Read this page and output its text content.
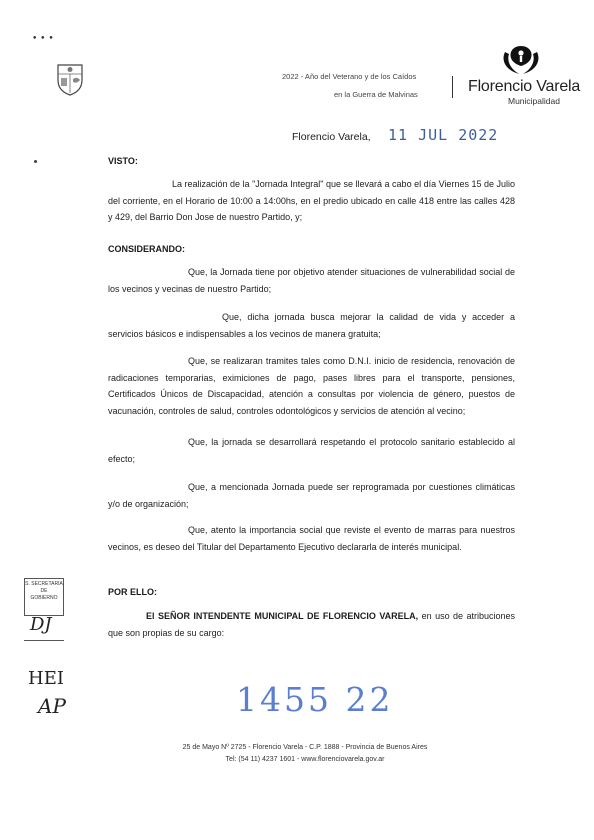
• • •
2022 - Año del Veterano y de los Caídos
en la Guerra de Malvinas	Florencio Varela
Municipalidad
Florencio Varela, 11 JUL 2022
VISTO:
La realización de la "Jornada Integral" que se llevará a cabo el día Viernes 15 de Julio del corriente, en el Horario de 10:00 a 14:00hs, en el predio ubicado en calle 418 entre las calles 428 y 429, del Barrio Don Jose de nuestro Partido, y;
CONSIDERANDO:
Que, la Jornada tiene por objetivo atender situaciones de vulnerabilidad social de los vecinos y vecinas de nuestro Partido;
Que, dicha jornada busca mejorar la calidad de vida y acceder a servicios básicos e indispensables a los vecinos de manera gratuita;
Que, se realizaran tramites tales como D.N.I. inicio de residencia, renovación de radicaciones temporarias, eximiciones de pago, pases libres para el transporte, pensiones, Certificados Únicos de Discapacidad, atención a consultas por violencia de género, puestos de vacunación, controles de salud, controles odontológicos y servicios de atención al vecino;
Que, la jornada se desarrollará respetando el protocolo sanitario establecido al efecto;
Que, a mencionada Jornada puede ser reprogramada por cuestiones climáticas y/o de organización;
Que, atento la importancia social que reviste el evento de marras para nuestros vecinos, es deseo del Titular del Departamento Ejecutivo declararla de interés municipal.
S. SECRETARIA
DE
GOBIERNO
DJ
HEI
AP
POR ELLO:
El SEÑOR INTENDENTE MUNICIPAL DE FLORENCIO VARELA, en uso de atribuciones que son propias de su cargo:
1455 22
25 de Mayo Nº 2725 - Florencio Varela - C.P. 1888 - Provincia de Buenos Aires
Tel: (54 11) 4237 1601 - www.florenciovarela.gov.ar
